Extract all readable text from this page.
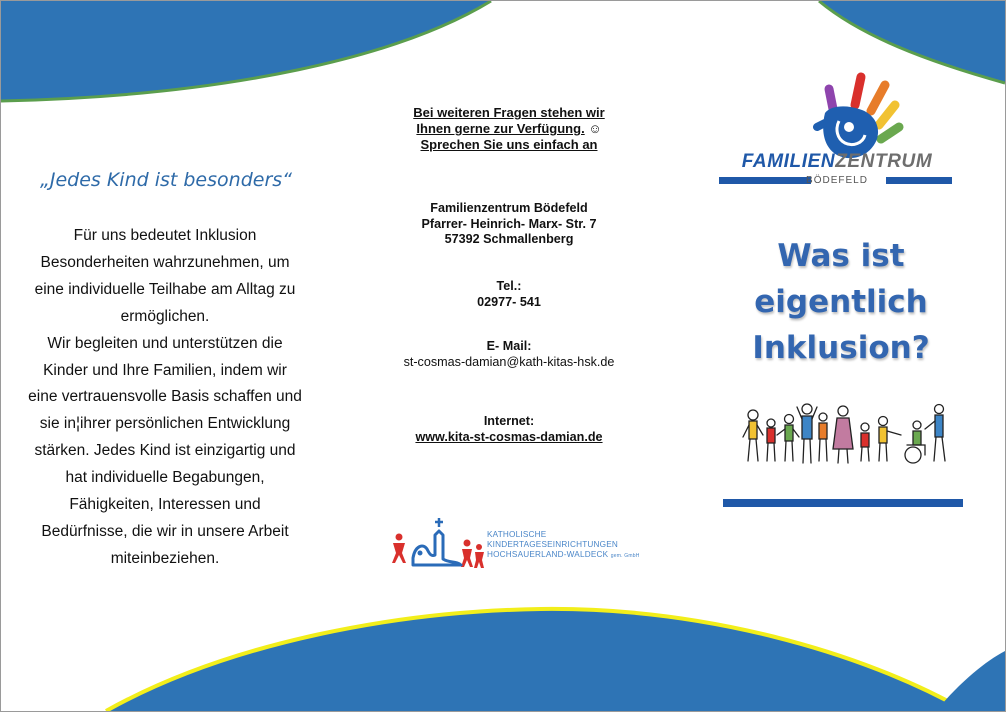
„Jedes Kind ist besonders“

Für uns bedeutet Inklusion

Besonderheiten wahrzunehmen, um

eine individuelle Teilhabe am Alltag zu

ermöglichen.

Wir begleiten und unterstützen die

Kinder und Ihre Familien, indem wir

eine vertrauensvolle Basis schaffen und

sie in¦ihrer persönlichen Entwicklung

stärken. Jedes Kind ist einzigartig und

hat individuelle Begabungen,

Fähigkeiten, Interessen und

Bedürfnisse, die wir in unsere Arbeit

miteinbeziehen.

Bei weiteren Fragen stehen wir
Ihnen gerne zur Verfügung. ☺
Sprechen Sie uns einfach an
Familienzentrum Bödefeld
Pfarrer- Heinrich- Marx- Str. 7
57392 Schmallenberg
Tel.:
02977- 541
E- Mail:
st-cosmas-damian@kath-kitas-hsk.de
Internet:
www.kita-st-cosmas-damian.de
KATHOLISCHE
KINDERTAGESEINRICHTUNGEN
HOCHSAUERLAND-WALDECK gem. GmbH
FAMILIENZENTRUM
BÖDEFELD
Was ist
eigentlich
Inklusion?
